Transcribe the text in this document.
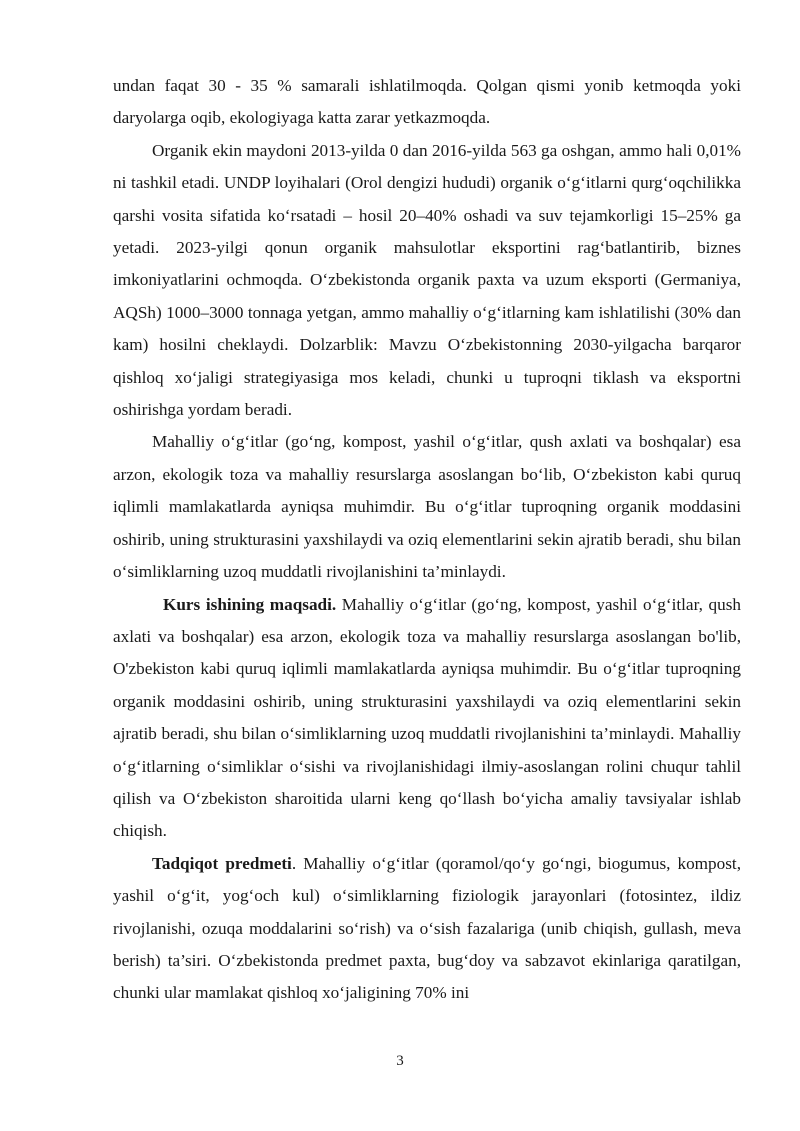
undan faqat 30 - 35 % samarali ishlatilmoqda. Qolgan qismi yonib ketmoqda yoki daryolarga oqib, ekologiyaga katta zarar yetkazmoqda.

Organik ekin maydoni 2013-yilda 0 dan 2016-yilda 563 ga oshgan, ammo hali 0,01% ni tashkil etadi. UNDP loyihalari (Orol dengizi hududi) organik o‘g‘itlarni qurg‘oqchilikka qarshi vosita sifatida ko‘rsatadi – hosil 20–40% oshadi va suv tejamkorligi 15–25% ga yetadi. 2023-yilgi qonun organik mahsulotlar eksportini rag‘batlantirib, biznes imkoniyatlarini ochmoqda. O‘zbekistonda organik paxta va uzum eksporti (Germaniya, AQSh) 1000–3000 tonnaga yetgan, ammo mahalliy o‘g‘itlarning kam ishlatilishi (30% dan kam) hosilni cheklaydi. Dolzarblik: Mavzu O‘zbekistonning 2030-yilgacha barqaror qishloq xo‘jaligi strategiyasiga mos keladi, chunki u tuproqni tiklash va eksportni oshirishga yordam beradi.

Mahalliy o‘g‘itlar (go‘ng, kompost, yashil o‘g‘itlar, qush axlati va boshqalar) esa arzon, ekologik toza va mahalliy resurslarga asoslangan bo‘lib, O‘zbekiston kabi quruq iqlimli mamlakatlarda ayniqsa muhimdir. Bu o‘g‘itlar tuproqning organik moddasini oshirib, uning strukturasini yaxshilaydi va oziq elementlarini sekin ajratib beradi, shu bilan o‘simliklarning uzoq muddatli rivojlanishini ta’minlaydi.

Kurs ishining maqsadi. Mahalliy o‘g‘itlar (go‘ng, kompost, yashil o‘g‘itlar, qush axlati va boshqalar) esa arzon, ekologik toza va mahalliy resurslarga asoslangan bo'lib, O'zbekiston kabi quruq iqlimli mamlakatlarda ayniqsa muhimdir. Bu o‘g‘itlar tuproqning organik moddasini oshirib, uning strukturasini yaxshilaydi va oziq elementlarini sekin ajratib beradi, shu bilan o‘simliklarning uzoq muddatli rivojlanishini ta’minlaydi. Mahalliy o‘g‘itlarning o‘simliklar o‘sishi va rivojlanishidagi ilmiy-asoslangan rolini chuqur tahlil qilish va O‘zbekiston sharoitida ularni keng qo‘llash bo‘yicha amaliy tavsiyalar ishlab chiqish.

Tadqiqot predmeti. Mahalliy o‘g‘itlar (qoramol/qo‘y go‘ngi, biogumus, kompost, yashil o‘g‘it, yog‘och kul) o‘simliklarning fiziologik jarayonlari (fotosintez, ildiz rivojlanishi, ozuqa moddalarini so‘rish) va o‘sish fazalariga (unib chiqish, gullash, meva berish) ta’siri. O‘zbekistonda predmet paxta, bug‘doy va sabzavot ekinlariga qaratilgan, chunki ular mamlakat qishloq xo‘jaligining 70% ini

3
